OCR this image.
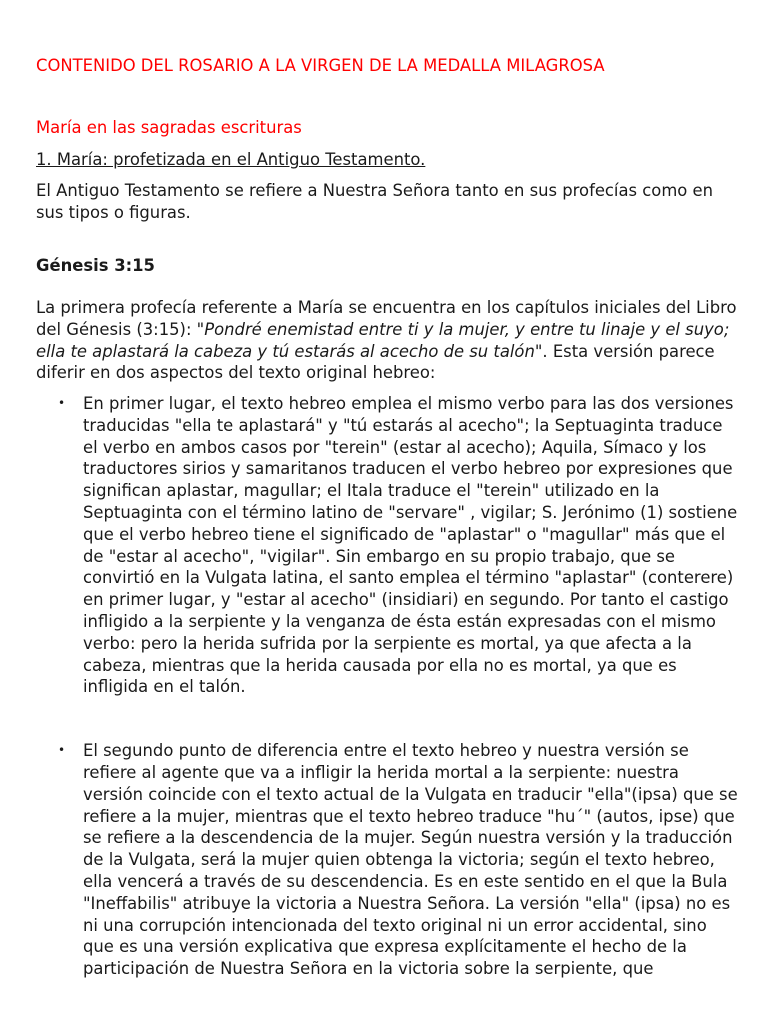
CONTENIDO DEL ROSARIO A LA VIRGEN DE LA MEDALLA MILAGROSA
María en las sagradas escrituras
1. María: profetizada en el Antiguo Testamento.

El Antiguo Testamento se refiere a Nuestra Señora tanto en sus profecías como en sus tipos o figuras.

Génesis 3:15

La primera profecía referente a María se encuentra en los capítulos iniciales del Libro del Génesis (3:15): "Pondré enemistad entre ti y la mujer, y entre tu linaje y el suyo; ella te aplastará la cabeza y tú estarás al acecho de su talón". Esta versión parece diferir en dos aspectos del texto original hebreo:

• En primer lugar, el texto hebreo emplea el mismo verbo para las dos versiones traducidas "ella te aplastará" y "tú estarás al acecho"; la Septuaginta traduce el verbo en ambos casos por "terein" (estar al acecho); Aquila, Símaco y los traductores sirios y samaritanos traducen el verbo hebreo por expresiones que significan aplastar, magullar; el Itala traduce el "terein" utilizado en la Septuaginta con el término latino de "servare" , vigilar; S. Jerónimo (1) sostiene que el verbo hebreo tiene el significado de "aplastar" o "magullar" más que el de "estar al acecho", "vigilar". Sin embargo en su propio trabajo, que se convirtió en la Vulgata latina, el santo emplea el término "aplastar" (conterere) en primer lugar, y "estar al acecho" (insidiari) en segundo. Por tanto el castigo infligido a la serpiente y la venganza de ésta están expresadas con el mismo verbo: pero la herida sufrida por la serpiente es mortal, ya que afecta a la cabeza, mientras que la herida causada por ella no es mortal, ya que es infligida en el talón.
• El segundo punto de diferencia entre el texto hebreo y nuestra versión se refiere al agente que va a infligir la herida mortal a la serpiente: nuestra versión coincide con el texto actual de la Vulgata en traducir "ella"(ipsa) que se refiere a la mujer, mientras que el texto hebreo traduce "hu´" (autos, ipse) que se refiere a la descendencia de la mujer. Según nuestra versión y la traducción de la Vulgata, será la mujer quien obtenga la victoria; según el texto hebreo, ella vencerá a través de su descendencia. Es en este sentido en el que la Bula "Ineffabilis" atribuye la victoria a Nuestra Señora. La versión "ella" (ipsa) no es ni una corrupción intencionada del texto original ni un error accidental, sino que es una versión explicativa que expresa explícitamente el hecho de la participación de Nuestra Señora en la victoria sobre la serpiente, que
